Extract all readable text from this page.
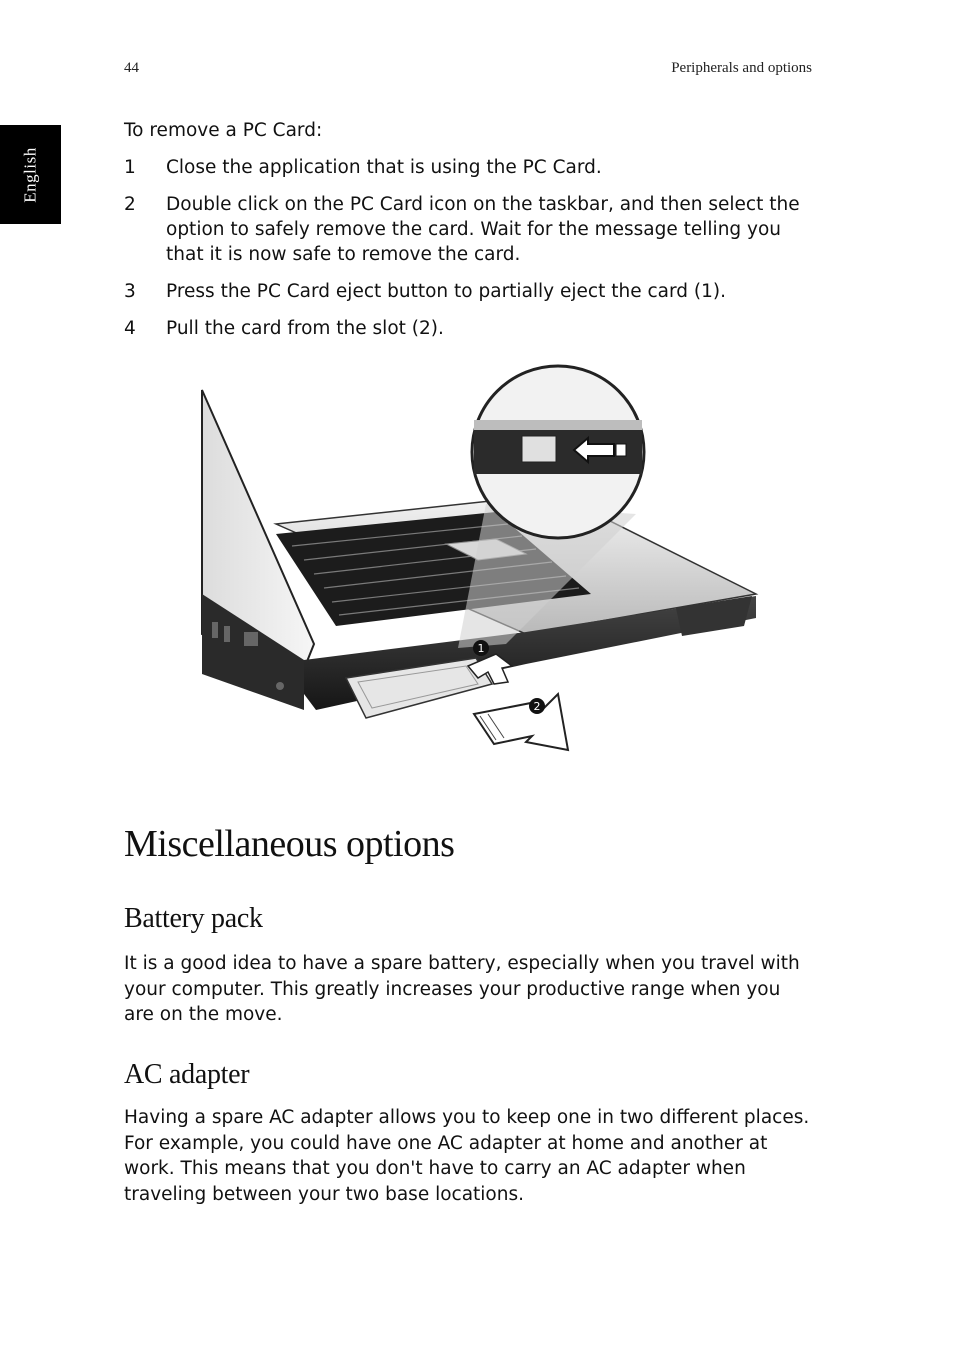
44	Peripherals and options
English

To remove a PC Card:

1	Close the application that is using the PC Card.
2	Double click on the PC Card icon on the taskbar, and then select the option to safely remove the card. Wait for the message telling you that it is now safe to remove the card.
3	Press the PC Card eject button to partially eject the card (1).
4	Pull the card from the slot (2).
1
2
Miscellaneous options
Battery pack

It is a good idea to have a spare battery, especially when you travel with your computer. This greatly increases your productive range when you are on the move.

AC adapter

Having a spare AC adapter allows you to keep one in two different places. For example, you could have one AC adapter at home and another at work. This means that you don't have to carry an AC adapter when traveling between your two base locations.
